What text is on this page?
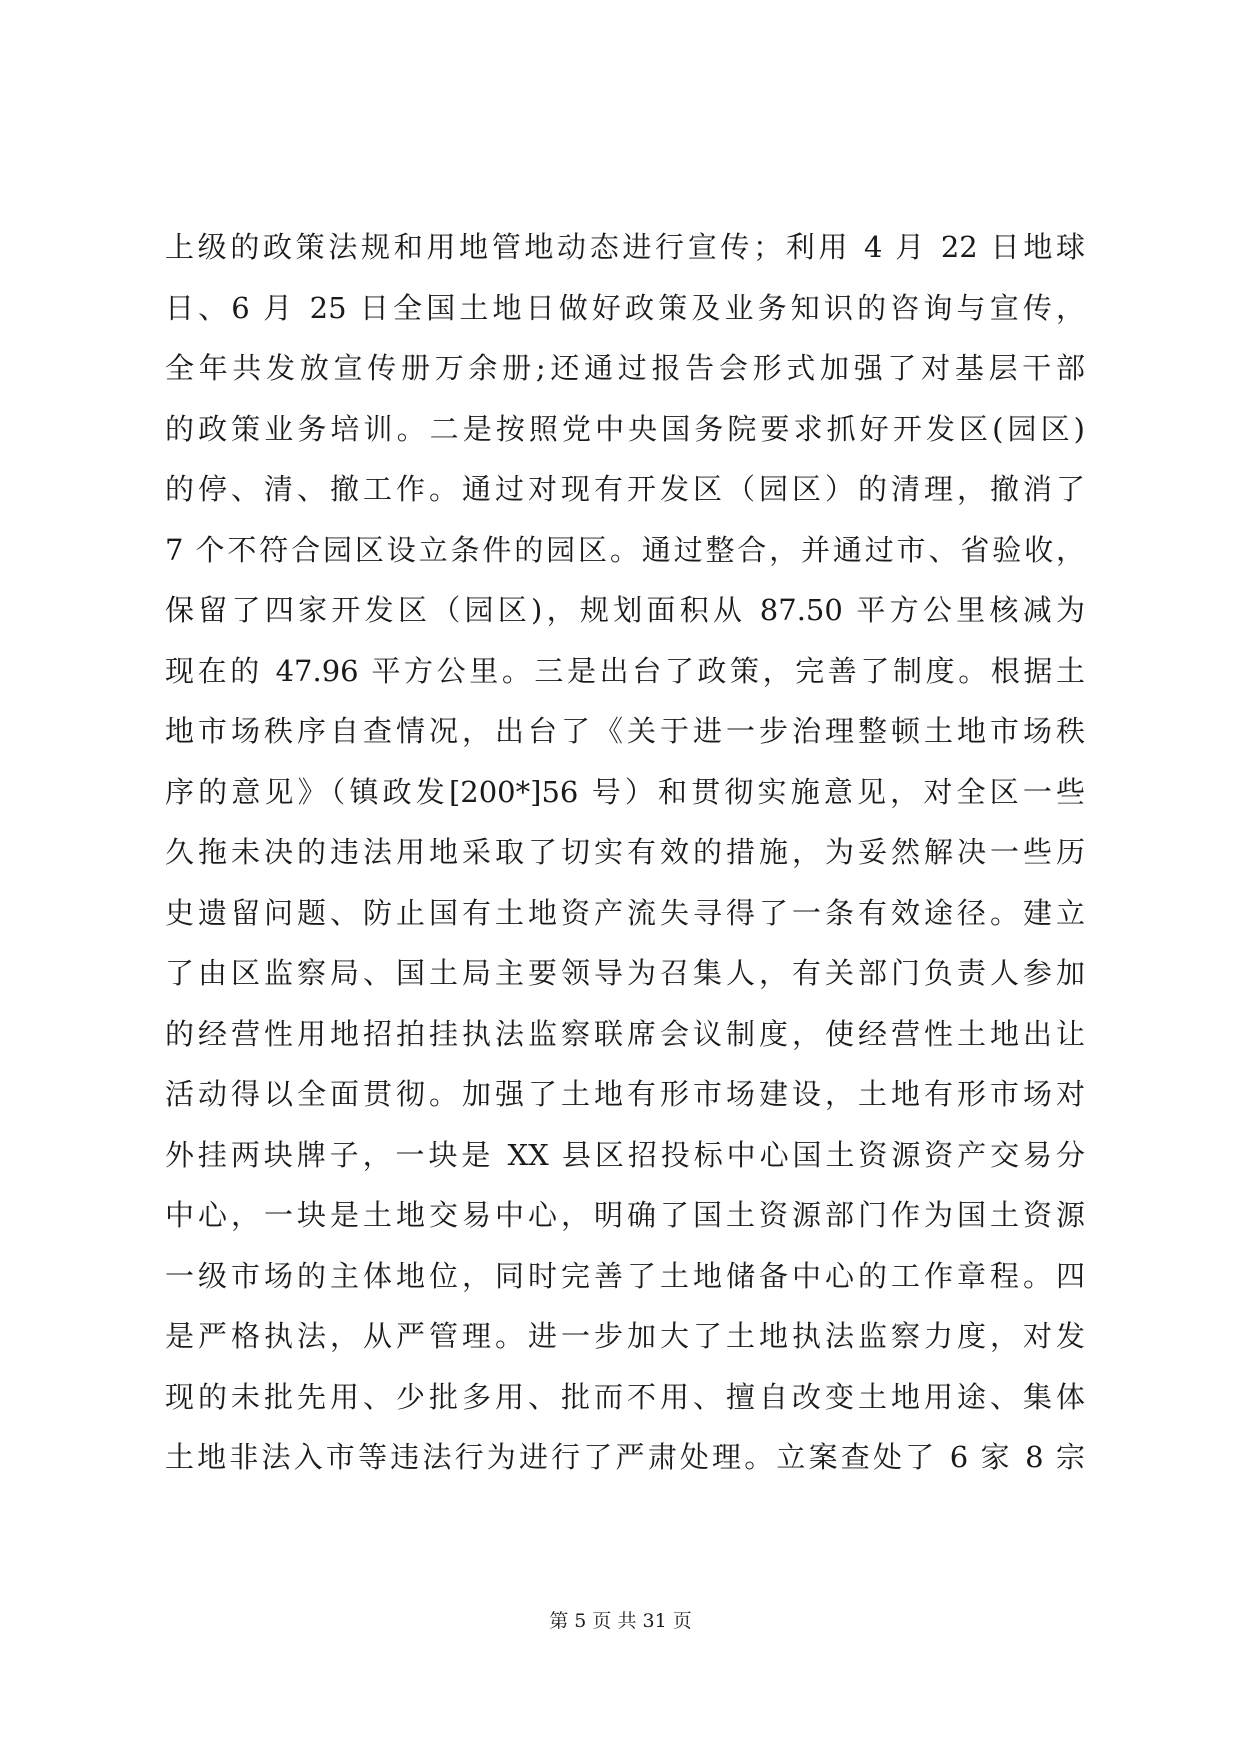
上级的政策法规和用地管地动态进行宣传；利用 4 月 22 日地球
日、6 月 25 日全国土地日做好政策及业务知识的咨询与宣传，
全年共发放宣传册万余册;还通过报告会形式加强了对基层干部
的政策业务培训。二是按照党中央国务院要求抓好开发区(园区)
的停、清、撤工作。通过对现有开发区（园区）的清理，撤消了
7 个不符合园区设立条件的园区。通过整合，并通过市、省验收，
保留了四家开发区（园区)，规划面积从 87.50 平方公里核减为
现在的 47.96 平方公里。三是出台了政策，完善了制度。根据土
地市场秩序自查情况，出台了《关于进一步治理整顿土地市场秩
序的意见》（镇政发[200*]56 号）和贯彻实施意见，对全区一些
久拖未决的违法用地采取了切实有效的措施，为妥然解决一些历
史遗留问题、防止国有土地资产流失寻得了一条有效途径。建立
了由区监察局、国土局主要领导为召集人，有关部门负责人参加
的经营性用地招拍挂执法监察联席会议制度，使经营性土地出让
活动得以全面贯彻。加强了土地有形市场建设，土地有形市场对
外挂两块牌子，一块是 XX 县区招投标中心国土资源资产交易分
中心，一块是土地交易中心，明确了国土资源部门作为国土资源
一级市场的主体地位，同时完善了土地储备中心的工作章程。四
是严格执法，从严管理。进一步加大了土地执法监察力度，对发
现的未批先用、少批多用、批而不用、擅自改变土地用途、集体
土地非法入市等违法行为进行了严肃处理。立案查处了 6 家 8 宗
第 5 页 共 31 页
